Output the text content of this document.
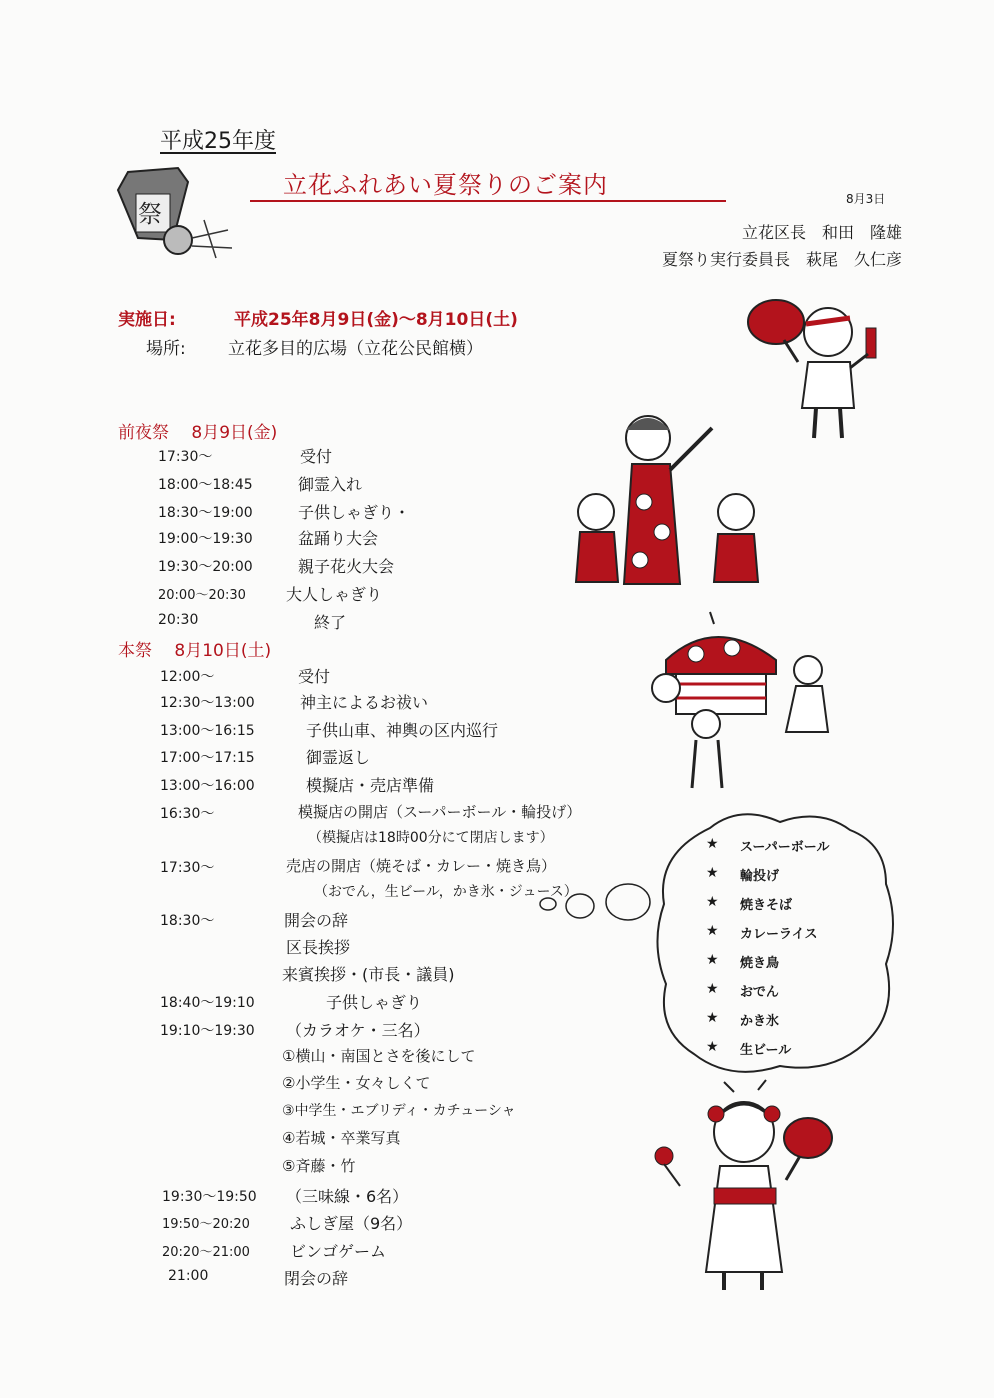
平成25年度
立花ふれあい夏祭りのご案内	8月3日
立花区長　和田　隆雄
夏祭り実行委員長　萩尾　久仁彦
祭
実施日:	平成25年8月9日(金)～8月10日(土)
場所: 立花多目的広場（立花公民館横）
前夜祭　 8月9日(金)
17:30～	受付
18:00～18:45	御霊入れ
18:30～19:00	子供しゃぎり・
19:00～19:30	盆踊り大会
19:30～20:00	親子花火大会
20:00～20:30	大人しゃぎり
20:30	終了
本祭　 8月10日(土)
12:00～	受付
12:30～13:00	神主によるお祓い
13:00～16:15	子供山車、神輿の区内巡行
17:00～17:15	御霊返し
13:00～16:00	模擬店・売店準備
16:30～	模擬店の開店（スーパーボール・輪投げ）
（模擬店は18時00分にて閉店します）
17:30～	売店の開店（焼そば・カレー・焼き鳥）
（おでん，生ビール，かき氷・ジュース）
18:30～	開会の辞
区長挨拶
来賓挨拶・(市長・議員)
18:40～19:10	子供しゃぎり
19:10～19:30 （カラオケ・三名）
①横山・南国とさを後にして
②小学生・女々しくて
③中学生・エブリディ・カチューシャ
④若城・卒業写真
⑤斉藤・竹
19:30～19:50 （三味線・6名）
19:50～20:20	ふしぎ屋（9名）
20:20～21:00	ビンゴゲーム
21:00	閉会の辞
★ スーパーボール
★ 輪投げ
★ 焼きそば
★ カレーライス
★ 焼き鳥
★ おでん
★ かき氷
★ 生ビール
